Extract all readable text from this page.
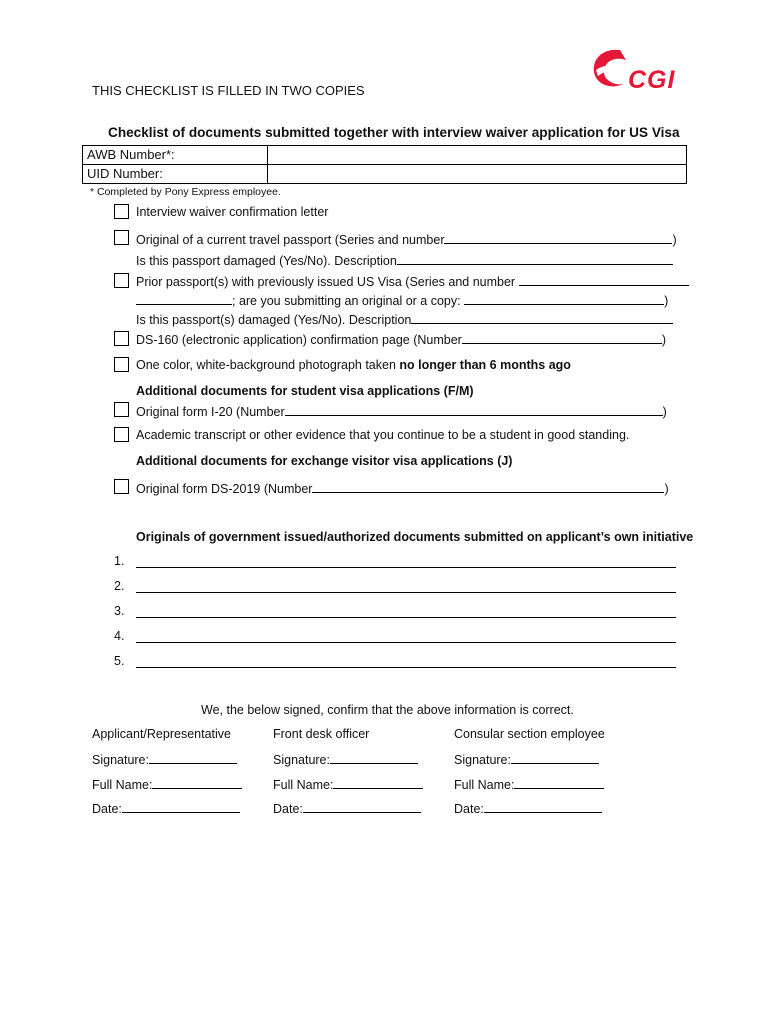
CGI
THIS CHECKLIST IS FILLED IN TWO COPIES
Checklist of documents submitted together with interview waiver application for US Visa
AWB Number*:	
UID Number:	
* Completed by Pony Express employee.
Interview waiver confirmation letter
Original of a current travel passport (Series and number	)
Is this passport damaged (Yes/No). Description
Prior passport(s) with previously issued US Visa (Series and number
; are you submitting an original or a copy:	)
Is this passport(s) damaged (Yes/No). Description
DS-160 (electronic application) confirmation page (Number	)
One color, white-background photograph taken no longer than 6 months ago
Additional documents for student visa applications (F/M)
Original form I-20 (Number	)
Academic transcript or other evidence that you continue to be a student in good standing.
Additional documents for exchange visitor visa applications (J)
Original form DS-2019 (Number	)
Originals of government issued/authorized documents submitted on applicant’s own initiative
1.
2.
3.
4.
5.
We, the below signed, confirm that the above information is correct.
Applicant/Representative
Signature:
Full Name:
Date:
Front desk officer
Signature:
Full Name:
Date:
Consular section employee
Signature:
Full Name:
Date:
